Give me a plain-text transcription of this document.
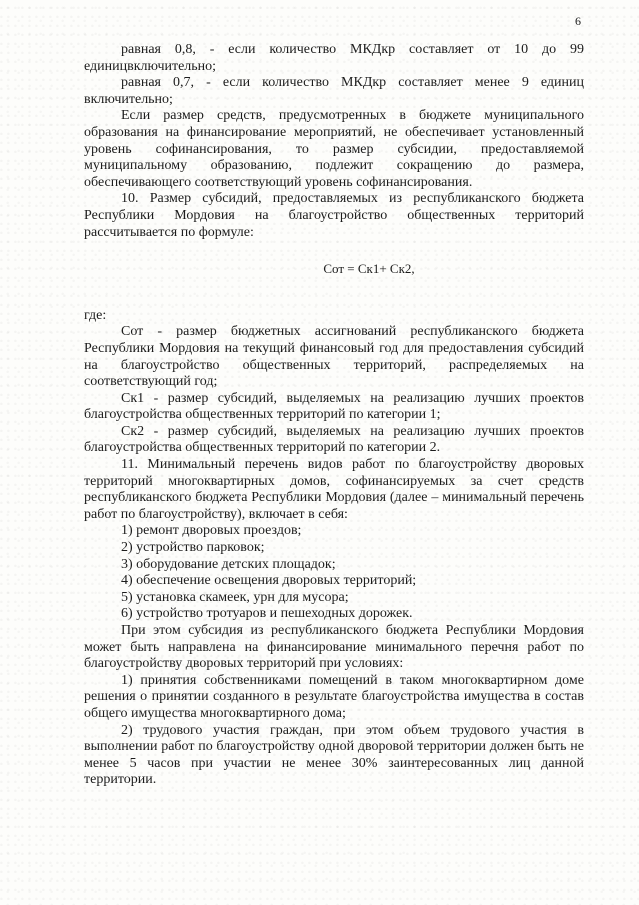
6

равная 0,8, - если количество МКДкр составляет от 10 до 99 единицвключительно;

равная 0,7, - если количество МКДкр составляет менее 9 единиц включительно;

Если размер средств, предусмотренных в бюджете муниципального образования на финансирование мероприятий, не обеспечивает установленный уровень софинансирования, то размер субсидии, предоставляемой муниципальному образованию, подлежит сокращению до размера, обеспечивающего соответствующий уровень софинансирования.

10. Размер субсидий, предоставляемых из республиканского бюджета Республики Мордовия на благоустройство общественных территорий рассчитывается по формуле:

Сот = Ск1+ Ск2,

где:

Сот - размер бюджетных ассигнований республиканского бюджета Республики Мордовия на текущий финансовый год для предоставления субсидий на благоустройство общественных территорий, распределяемых на соответствующий год;

Ск1 - размер субсидий, выделяемых на реализацию лучших проектов благоустройства общественных территорий по категории 1;

Ск2 - размер субсидий, выделяемых на реализацию лучших проектов благоустройства общественных территорий по категории 2.

11. Минимальный перечень видов работ по благоустройству дворовых территорий многоквартирных домов, софинансируемых за счет средств республиканского бюджета Республики Мордовия (далее – минимальный перечень работ по благоустройству), включает в себя:

1) ремонт дворовых проездов;

2) устройство парковок;

3) оборудование детских площадок;

4) обеспечение освещения дворовых территорий;

5) установка скамеек, урн для мусора;

6) устройство тротуаров и пешеходных дорожек.

При этом субсидия из республиканского бюджета Республики Мордовия может быть направлена на финансирование минимального перечня работ по благоустройству дворовых территорий при условиях:

1) принятия собственниками помещений в таком многоквартирном доме решения о принятии созданного в результате благоустройства имущества в состав общего имущества многоквартирного дома;

2) трудового участия граждан, при этом объем трудового участия в выполнении работ по благоустройству одной дворовой территории должен быть не менее 5 часов при участии не менее 30% заинтересованных лиц данной территории.
